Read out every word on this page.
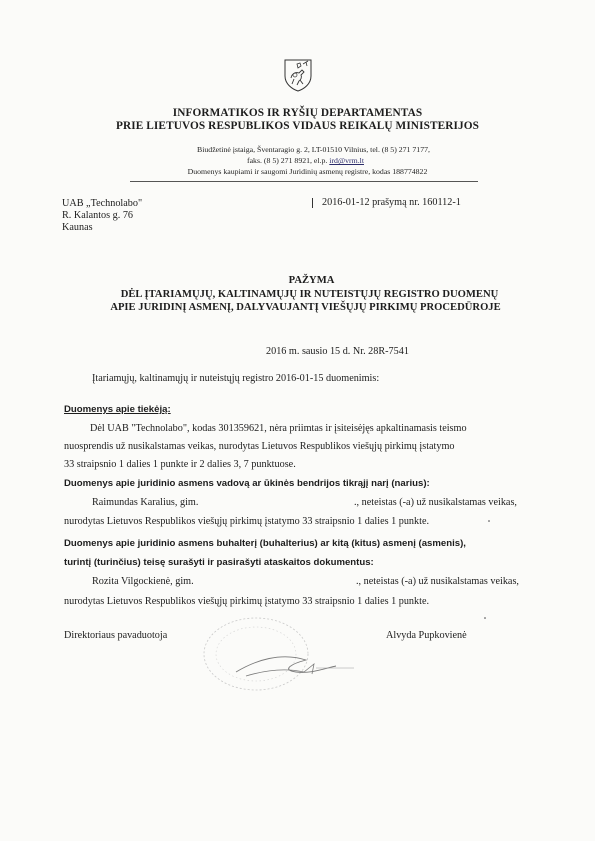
INFORMATIKOS IR RYŠIŲ DEPARTAMENTAS
PRIE LIETUVOS RESPUBLIKOS VIDAUS REIKALŲ MINISTERIJOS
Biudžetinė įstaiga, Šventaragio g. 2, LT-01510 Vilnius, tel. (8 5) 271 7177,
faks. (8 5) 271 8921, el.p. ird@vrm.lt
Duomenys kaupiami ir saugomi Juridinių asmenų registre, kodas 188774822
UAB „Technolabo"
R. Kalantos g. 76
Kaunas
2016-01-12 prašymą nr. 160112-1
PAŽYMA
DĖL ĮTARIAMŲJŲ, KALTINAMŲJŲ IR NUTEISTŲJŲ REGISTRO DUOMENŲ
APIE JURIDINĮ ASMENĮ, DALYVAUJANTĮ VIEŠŲJŲ PIRKIMŲ PROCEDŪROJE
2016 m. sausio 15 d. Nr. 28R-7541
Įtariamųjų, kaltinamųjų ir nuteistųjų registro 2016-01-15 duomenimis:
Duomenys apie tiekėją:
Dėl UAB "Technolabo", kodas 301359621, nėra priimtas ir įsiteisėjęs apkaltinamasis teismo
nuosprendis už nusikalstamas veikas, nurodytas Lietuvos Respublikos viešųjų pirkimų įstatymo
33 straipsnio 1 dalies 1 punkte ir 2 dalies 3, 7 punktuose.
Duomenys apie juridinio asmens vadovą ar ūkinės bendrijos tikrąjį narį (narius):
Raimundas Karalius, gim.	., neteistas (-a) už nusikalstamas veikas,
nurodytas Lietuvos Respublikos viešųjų pirkimų įstatymo 33 straipsnio 1 dalies 1 punkte.
Duomenys apie juridinio asmens buhalterį (buhalterius) ar kitą (kitus) asmenį (asmenis),
turintį (turinčius) teisę surašyti ir pasirašyti ataskaitos dokumentus:
Rozita Vilgockienė, gim.	., neteistas (-a) už nusikalstamas veikas,
nurodytas Lietuvos Respublikos viešųjų pirkimų įstatymo 33 straipsnio 1 dalies 1 punkte.
Direktoriaus pavaduotoja	Alvyda Pupkovienė
